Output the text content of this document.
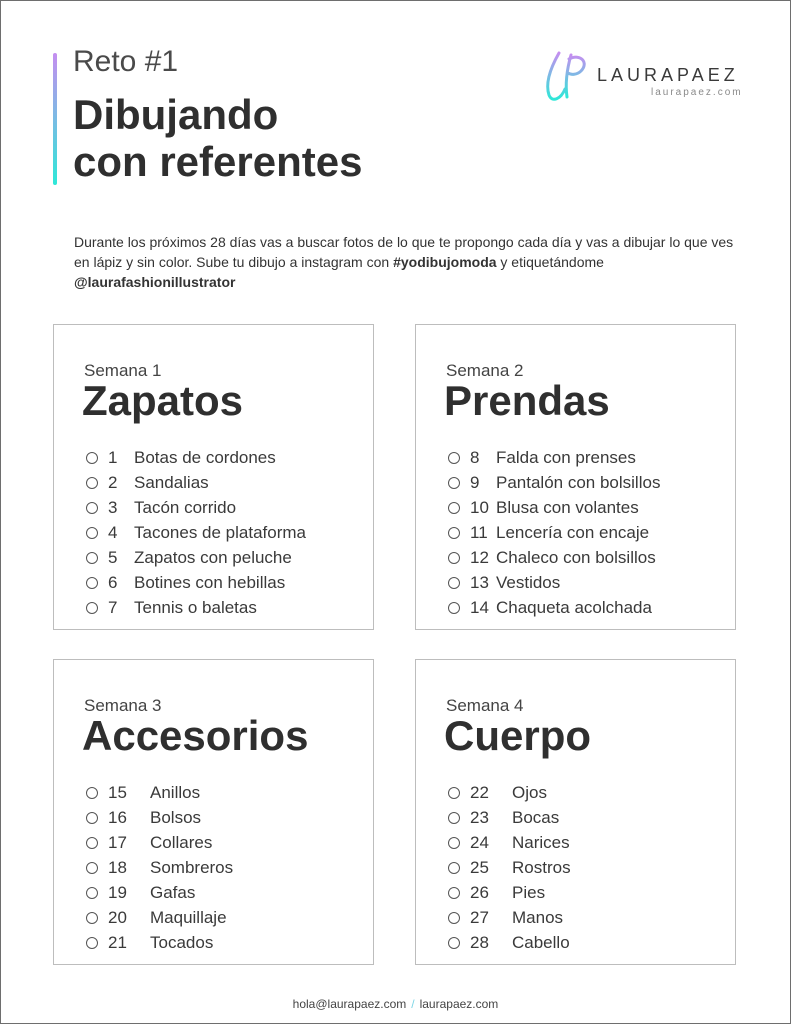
Reto #1
Dibujando
con referentes
LAURAPAEZ
laurapaez.com
Durante los próximos 28 días vas a buscar fotos de lo que te propongo cada día y vas a dibujar lo que ves en lápiz y sin color. Sube tu dibujo a instagram con #yodibujomoda y etiquetándome
@laurafashionillustrator
Semana 1
Zapatos
1 Botas de cordones
2 Sandalias
3 Tacón corrido
4 Tacones de plataforma
5 Zapatos con peluche
6 Botines con hebillas
7 Tennis o baletas
Semana 2
Prendas
8 Falda con prenses
9 Pantalón con bolsillos
10 Blusa con volantes
11 Lencería con encaje
12 Chaleco con bolsillos
13 Vestidos
14 Chaqueta acolchada
Semana 3
Accesorios
15	Anillos
16	Bolsos
17	Collares
18	Sombreros
19	Gafas
20	Maquillaje
21	Tocados
Semana 4
Cuerpo
22	Ojos
23	Bocas
24	Narices
25	Rostros
26	Pies
27	Manos
28	Cabello
hola@laurapaez.com / laurapaez.com
